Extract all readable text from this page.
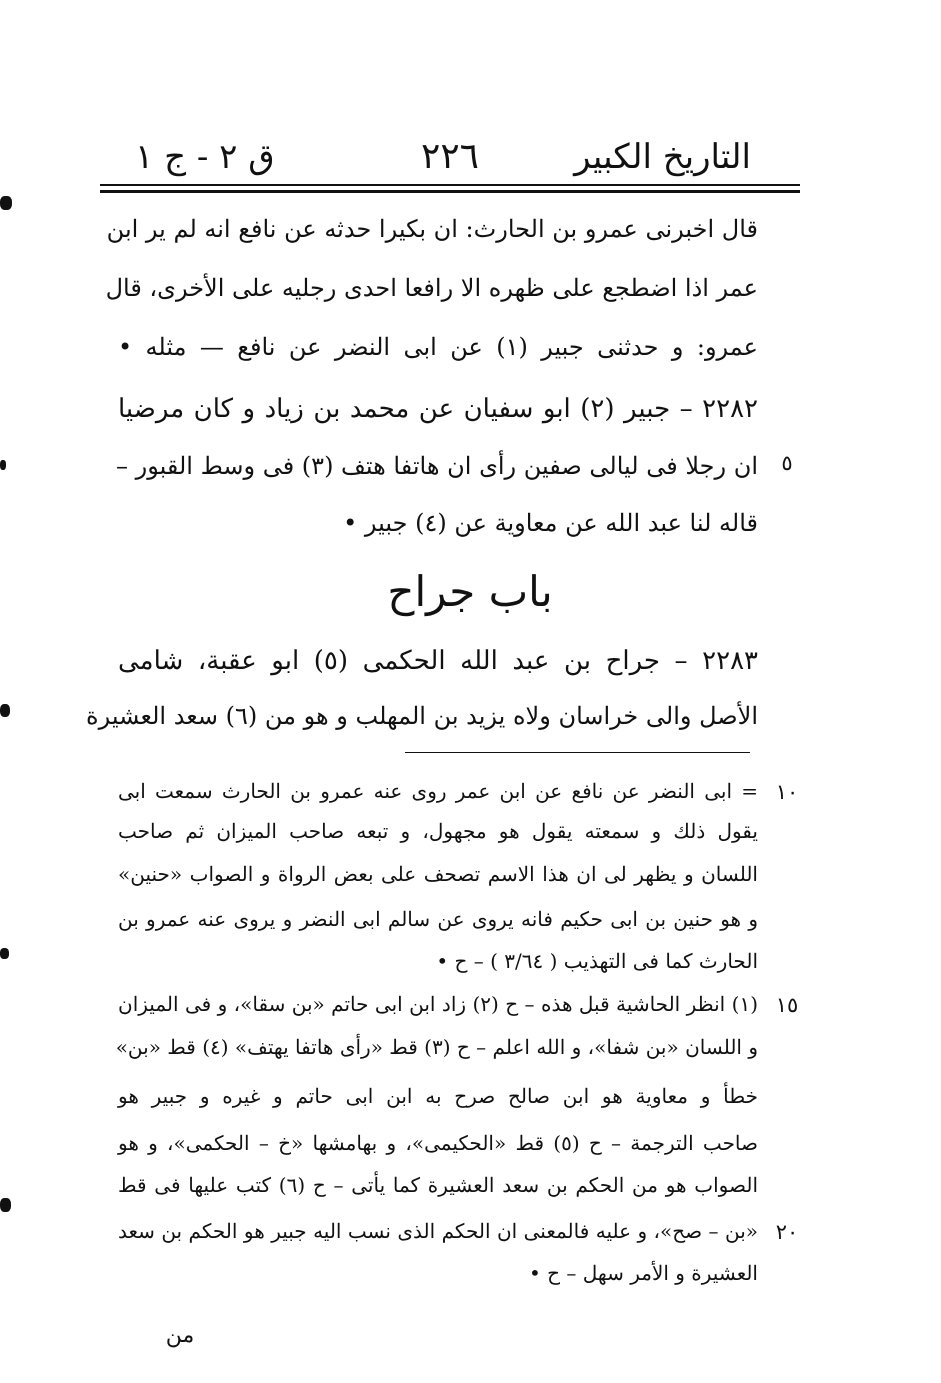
التاريخ الكبير
٢٢٦
ق ٢ - ج ١
قال اخبرنى عمرو بن الحارث: ان بكيرا حدثه عن نافع انه لم ير ابن
عمر اذا اضطجع على ظهره الا رافعا احدى رجليه على الأخرى، قال
عمرو: و حدثنى جبير (١) عن ابى النضر عن نافع — مثله •
٢٢٨٢ – جبير (٢) ابو سفيان عن محمد بن زياد و كان مرضيا
ان رجلا فى ليالى صفين رأى ان هاتفا هتف (٣) فى وسط القبور –
قاله لنا عبد الله عن معاوية عن (٤) جبير •
باب جراح
٢٢٨٣ – جراح بن عبد الله الحكمى (٥) ابو عقبة، شامى
الأصل والى خراسان ولاه يزيد بن المهلب و هو من (٦) سعد العشيرة
= ابى النضر عن نافع عن ابن عمر روى عنه عمرو بن الحارث سمعت ابى
يقول ذلك و سمعته يقول هو مجهول، و تبعه صاحب الميزان ثم صاحب
اللسان و يظهر لى ان هذا الاسم تصحف على بعض الرواة و الصواب «حنين»
و هو حنين بن ابى حكيم فانه يروى عن سالم ابى النضر و يروى عنه عمرو بن
الحارث كما فى التهذيب ( ٣/٦٤ ) – ح •
(١) انظر الحاشية قبل هذه – ح (٢) زاد ابن ابى حاتم «بن سقا»، و فى الميزان
و اللسان «بن شفا»، و الله اعلم – ح (٣) قط «رأى هاتفا يهتف» (٤) قط «بن»
خطأ و معاوية هو ابن صالح صرح به ابن ابى حاتم و غيره و جبير هو
صاحب الترجمة – ح (٥) قط «الحكيمى»، و بهامشها «خ – الحكمى»، و هو
الصواب هو من الحكم بن سعد العشيرة كما يأتى – ح (٦) كتب عليها فى قط
«بن – صح»، و عليه فالمعنى ان الحكم الذى نسب اليه جبير هو الحكم بن سعد
العشيرة و الأمر سهل – ح •
٥
١٠
١٥
٢٠
من
